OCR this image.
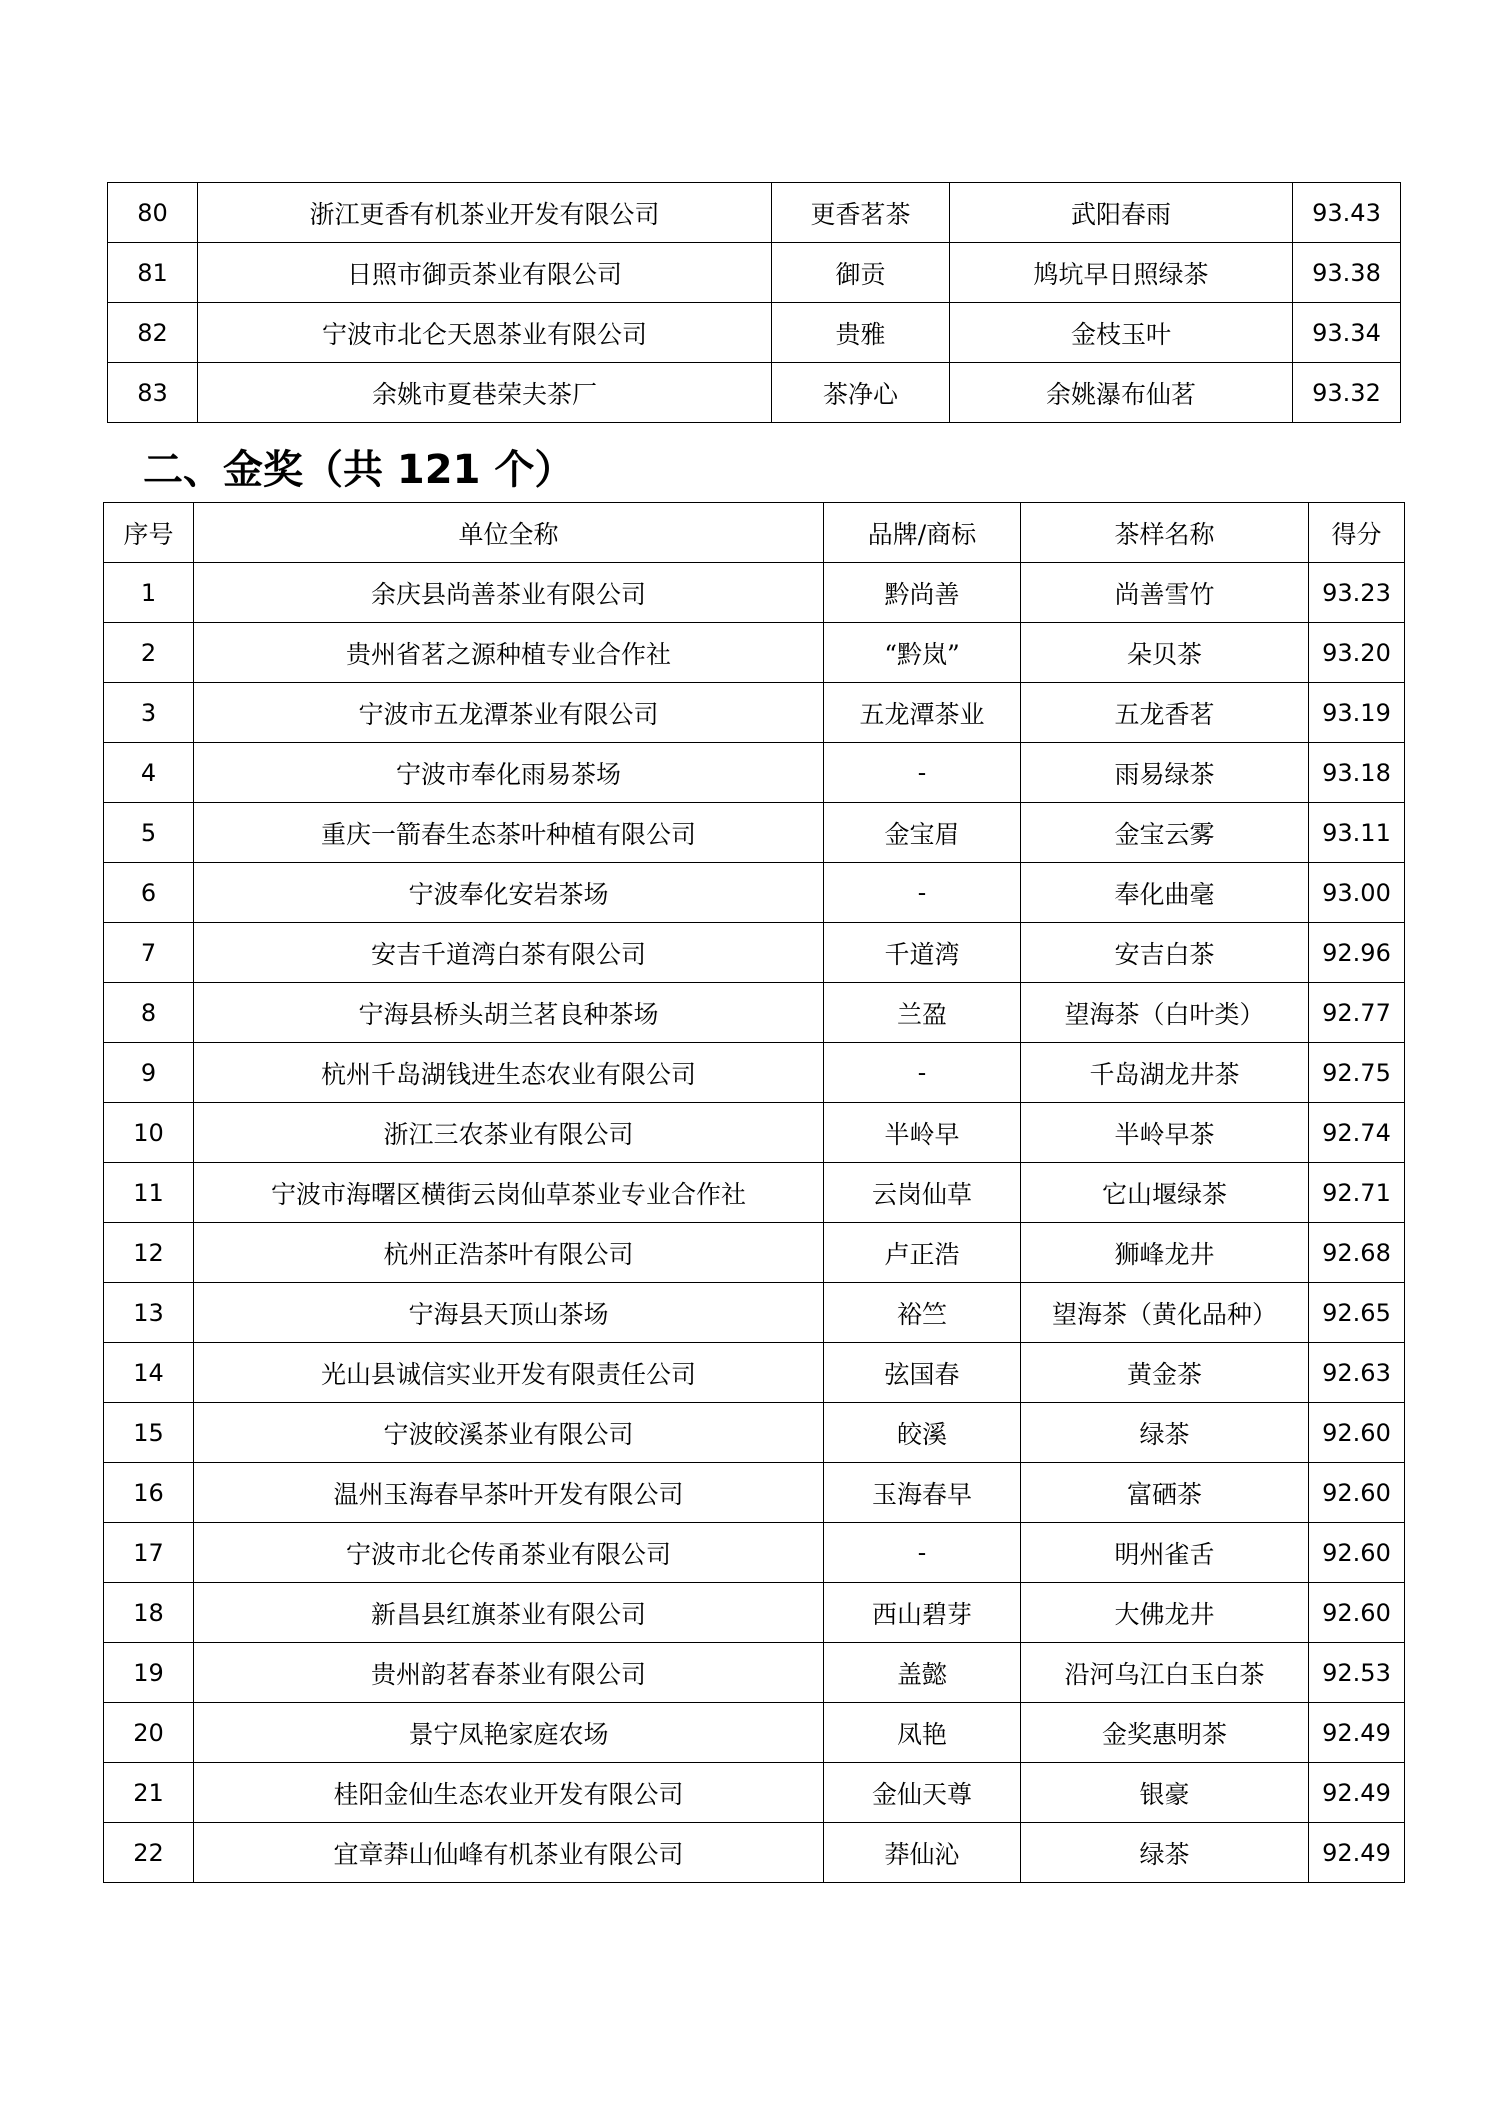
80	浙江更香有机茶业开发有限公司	更香茗茶	武阳春雨	93.43
81	日照市御贡茶业有限公司	御贡	鸠坑早日照绿茶	93.38
82	宁波市北仑天恩茶业有限公司	贵雅	金枝玉叶	93.34
83	余姚市夏巷荣夫茶厂	茶净心	余姚瀑布仙茗	93.32
二、金奖（共 121 个）
序号	单位全称	品牌/商标	茶样名称	得分
1	余庆县尚善茶业有限公司	黔尚善	尚善雪竹	93.23
2	贵州省茗之源种植专业合作社	“黔岚”	朵贝茶	93.20
3	宁波市五龙潭茶业有限公司	五龙潭茶业	五龙香茗	93.19
4	宁波市奉化雨易茶场	-	雨易绿茶	93.18
5	重庆一箭春生态茶叶种植有限公司	金宝眉	金宝云雾	93.11
6	宁波奉化安岩茶场	-	奉化曲毫	93.00
7	安吉千道湾白茶有限公司	千道湾	安吉白茶	92.96
8	宁海县桥头胡兰茗良种茶场	兰盈	望海茶（白叶类）	92.77
9	杭州千岛湖钱进生态农业有限公司	-	千岛湖龙井茶	92.75
10	浙江三农茶业有限公司	半岭早	半岭早茶	92.74
11	宁波市海曙区横街云岗仙草茶业专业合作社	云岗仙草	它山堰绿茶	92.71
12	杭州正浩茶叶有限公司	卢正浩	狮峰龙井	92.68
13	宁海县天顶山茶场	裕竺	望海茶（黄化品种）	92.65
14	光山县诚信实业开发有限责任公司	弦国春	黄金茶	92.63
15	宁波皎溪茶业有限公司	皎溪	绿茶	92.60
16	温州玉海春早茶叶开发有限公司	玉海春早	富硒茶	92.60
17	宁波市北仑传甬茶业有限公司	-	明州雀舌	92.60
18	新昌县红旗茶业有限公司	西山碧芽	大佛龙井	92.60
19	贵州韵茗春茶业有限公司	盖懿	沿河乌江白玉白茶	92.53
20	景宁凤艳家庭农场	凤艳	金奖惠明茶	92.49
21	桂阳金仙生态农业开发有限公司	金仙天尊	银豪	92.49
22	宜章莽山仙峰有机茶业有限公司	莽仙沁	绿茶	92.49
